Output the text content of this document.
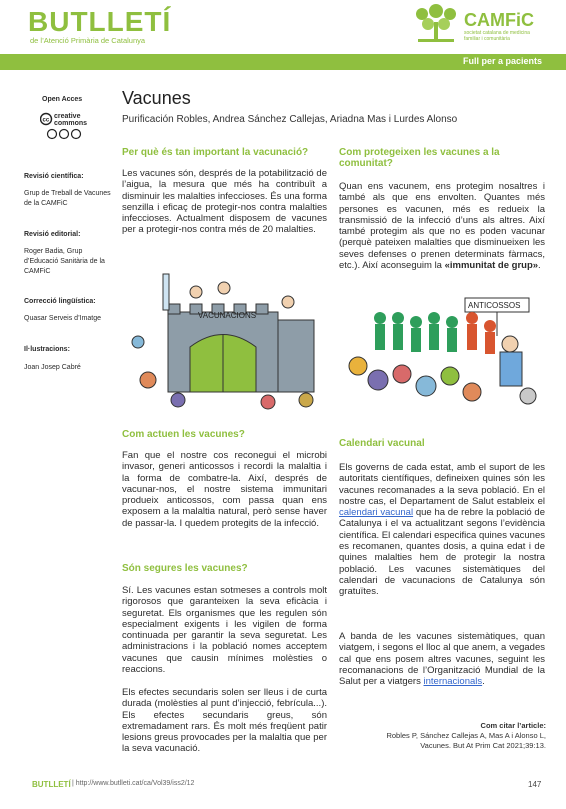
BUTLLETÍ
de l’Atenció Primària de Catalunya
CAMFiC
societat catalana de medicina familiar i comunitària
Full per a pacients
Open Acces
cc
creative commons
Revisió científica:
Grup de Treball de Vacunes de la CAMFiC
Revisió editorial:
Roger Badia, Grup d’Educació Sanitària de la CAMFiC
Correcció lingüística:
Quasar Serveis d’Imatge
Il·lustracions:
Joan Josep Cabré
Vacunes
Purificación Robles, Andrea Sánchez Callejas, Ariadna Mas i Lurdes Alonso
Per què és tan important la vacunació?
Les vacunes són, després de la potabilització de l’aigua, la mesura que més ha contribuït a disminuir les malalties infeccioses. És una forma senzilla i eficaç de protegir-nos contra malalties infeccioses. Actualment disposem de vacunes per a protegir-nos contra més de 20 malalties.
VACUNACIONS
Com actuen les vacunes?
Fan que el nostre cos reconegui el microbi invasor, generi anticossos i recordi la malaltia i la forma de combatre-la. Així, després de vacunar-nos, el nostre sistema immunitari produeix anticossos, com passa quan ens exposem a la malaltia natural, però sense haver de passar-la. I quedem protegits de la infecció.
Són segures les vacunes?
Sí. Les vacunes estan sotmeses a controls molt rigorosos que garanteixen la seva eficàcia i seguretat. Els organismes que les regulen són especialment exigents i les vigilen de forma continuada per garantir la seva seguretat. Les administracions i la població nomes acceptem vacunes que causin mínimes molèsties o reaccions.
Els efectes secundaris solen ser lleus i de curta durada (molèsties al punt d’injecció, febrícula...). Els efectes secundaris greus, són extremadament rars. És molt més freqüent patir lesions greus provocades per la malaltia que per la seva vacunació.
Com protegeixen les vacunes a la comunitat?
Quan ens vacunem, ens protegim nosaltres i també als que ens envolten. Quantes més persones es vacunen, més es redueix la transmissió de la infecció d’uns als altres. Així també protegim als que no es poden vacunar (perquè pateixen malalties que disminueixen les seves defenses o prenen determinats fàrmacs, etc.). Així aconseguim la «immunitat de grup».
ANTICOSSOS
Calendari vacunal
Els governs de cada estat, amb el suport de les autoritats científiques, defineixen quines són les vacunes recomanades a la seva població. En el nostre cas, el Departament de Salut estableix el calendari vacunal que ha de rebre la població de Catalunya i el va actualitzant segons l’evidència científica. El calendari especifica quines vacunes es recomanen, quantes dosis, a quina edat i de quines malalties hem de protegir la nostra població. Les vacunes sistemàtiques del calendari de vacunacions de Catalunya són gratuïtes.
A banda de les vacunes sistemàtiques, quan viatgem, i segons el lloc al que anem, a vegades cal que ens posem altres vacunes, seguint les recomanacions de l’Organització Mundial de la Salut per a viatgers internacionals.
Com citar l’article:
Robles P, Sánchez Callejas A, Mas A i Alonso L,
Vacunes. But At Prim Cat 2021;39:13.
BUTLLETÍ | http://www.butlleti.cat/ca/Vol39/iss2/12	147
